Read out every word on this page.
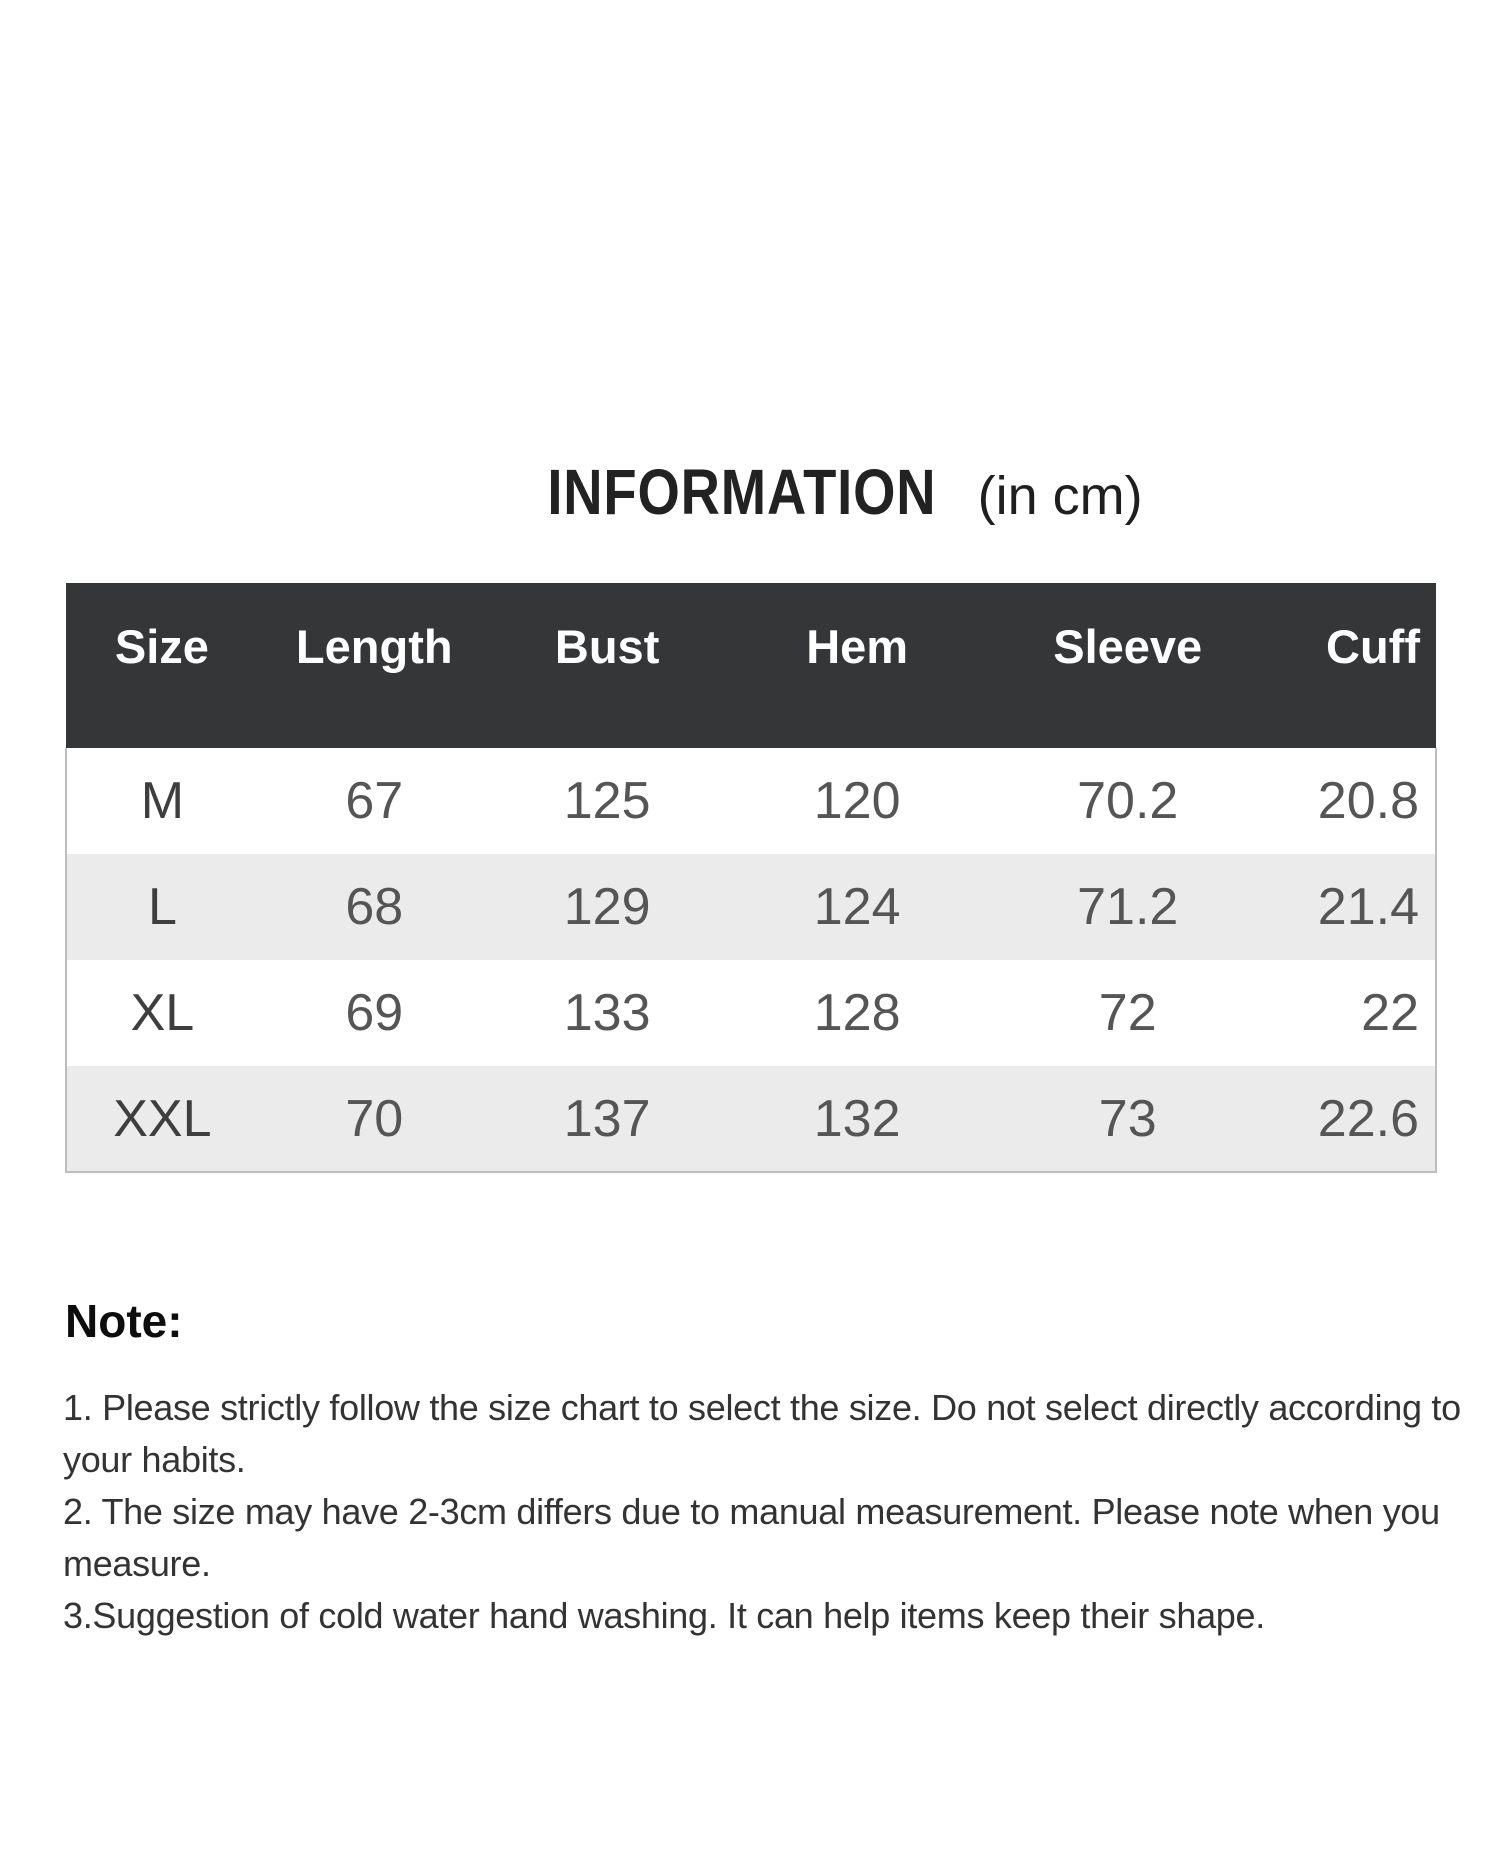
INFORMATION (in cm)
Size	Length	Bust	Hem	Sleeve	Cuff
M	67	125	120	70.2	20.8
L	68	129	124	71.2	21.4
XL	69	133	128	72	22
XXL	70	137	132	73	22.6
Note:

1. Please strictly follow the size chart to select the size. Do not select directly according to your habits.

2. The size may have 2-3cm differs due to manual measurement. Please note when you measure.

3.Suggestion of cold water hand washing. It can help items keep their shape.
